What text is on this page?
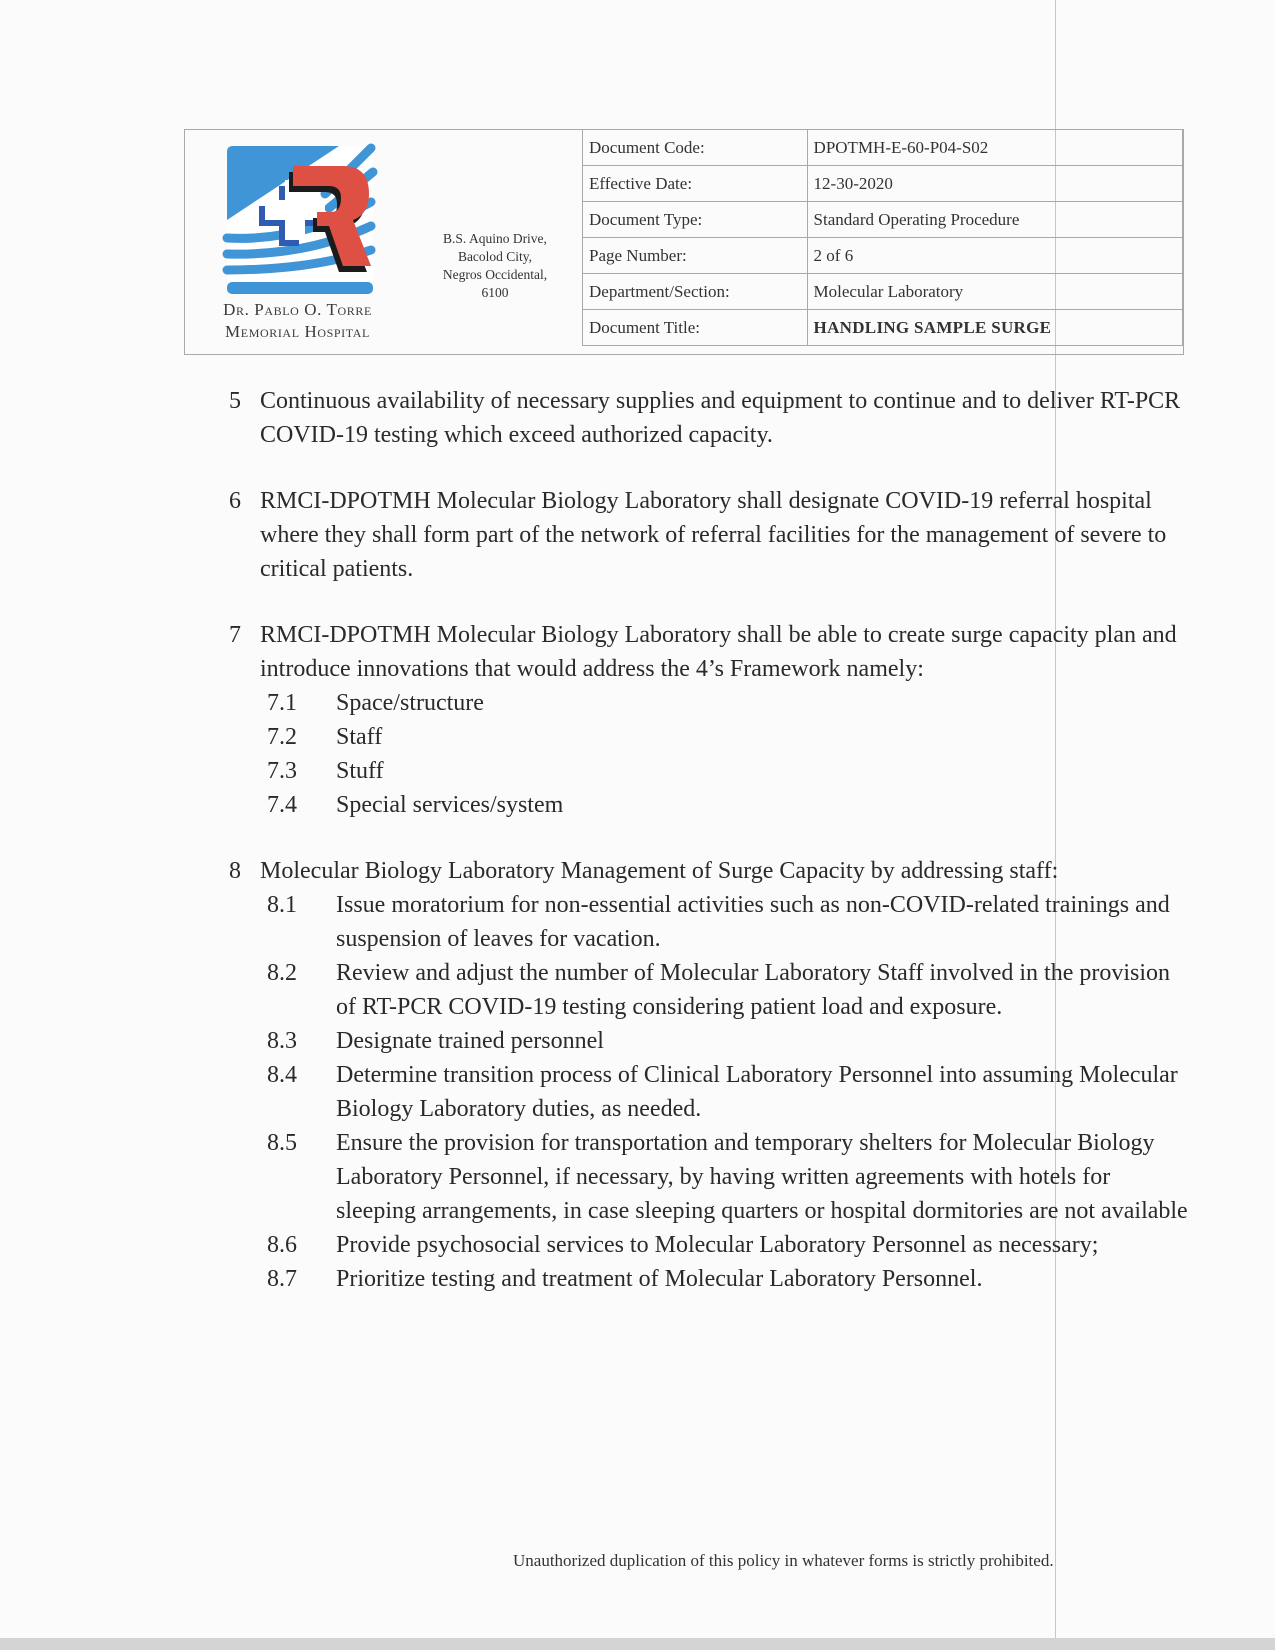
Dr. Pablo O. Torre
Memorial Hospital
B.S. Aquino Drive,
Bacolod City,
Negros Occidental,
6100
Document Code:	DPOTMH-E-60-P04-S02
Effective Date:	12-30-2020
Document Type:	Standard Operating Procedure
Page Number:	2 of 6
Department/Section:	Molecular Laboratory
Document Title:	HANDLING SAMPLE SURGE
5 Continuous availability of necessary supplies and equipment to continue and to deliver RT-PCR COVID-19 testing which exceed authorized capacity.
6 RMCI-DPOTMH Molecular Biology Laboratory shall designate COVID-19 referral hospital where they shall form part of the network of referral facilities for the management of severe to critical patients.
7 RMCI-DPOTMH Molecular Biology Laboratory shall be able to create surge capacity plan and introduce innovations that would address the 4’s Framework namely:
7.1 Space/structure
7.2 Staff
7.3 Stuff
7.4 Special services/system
8 Molecular Biology Laboratory Management of Surge Capacity by addressing staff:
8.1 Issue moratorium for non-essential activities such as non-COVID-related trainings and suspension of leaves for vacation.
8.2 Review and adjust the number of Molecular Laboratory Staff involved in the provision of RT-PCR COVID-19 testing considering patient load and exposure.
8.3 Designate trained personnel
8.4 Determine transition process of Clinical Laboratory Personnel into assuming Molecular Biology Laboratory duties, as needed.
8.5 Ensure the provision for transportation and temporary shelters for Molecular Biology Laboratory Personnel, if necessary, by having written agreements with hotels for sleeping arrangements, in case sleeping quarters or hospital dormitories are not available
8.6 Provide psychosocial services to Molecular Laboratory Personnel as necessary;
8.7 Prioritize testing and treatment of Molecular Laboratory Personnel.
Unauthorized duplication of this policy in whatever forms is strictly prohibited.
